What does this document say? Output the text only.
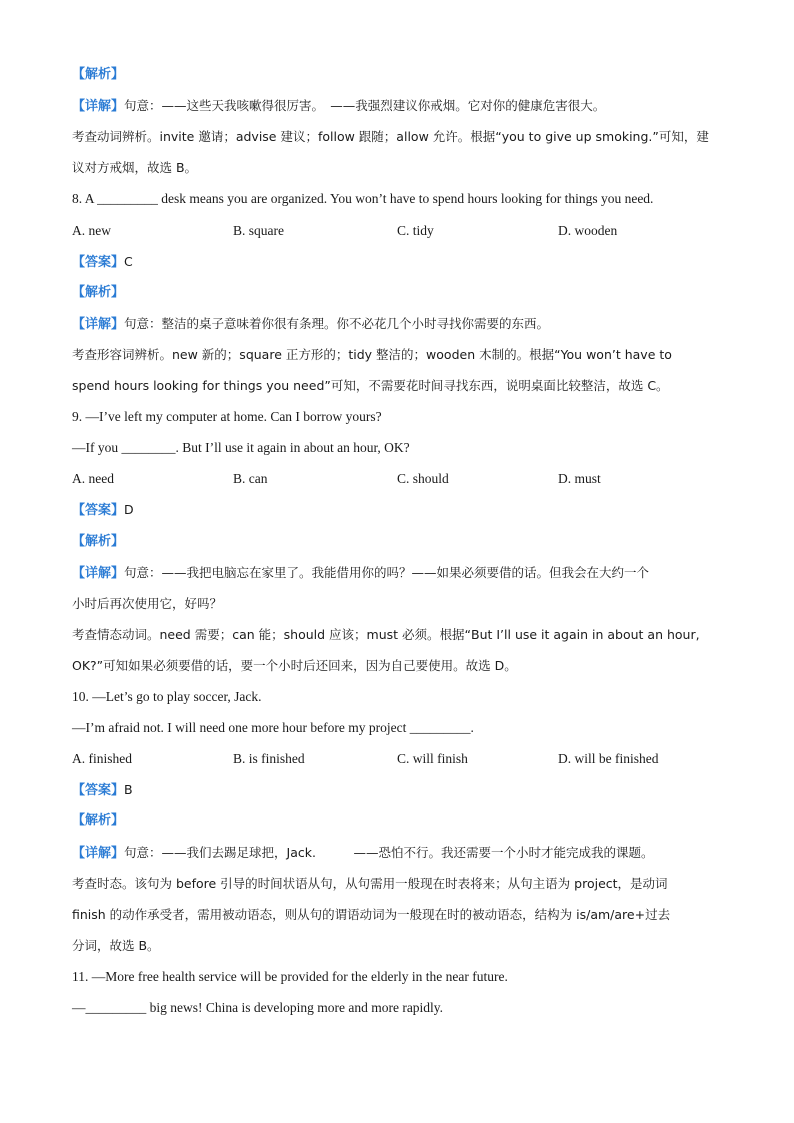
【解析】
【详解】句意：——这些天我咳嗽得很厉害。　——我强烈建议你戒烟。它对你的健康危害很大。
考查动词辨析。invite 邀请；advise 建议；follow 跟随；allow 允许。根据“you to give up smoking.”可知，建
议对方戒烟，故选 B。
8. A _________ desk means you are organized. You won’t have to spend hours looking for things you need.
A. new	B. square	C. tidy	D. wooden
【答案】C
【解析】
【详解】句意：整洁的桌子意味着你很有条理。你不必花几个小时寻找你需要的东西。
考查形容词辨析。new 新的；square 正方形的；tidy 整洁的；wooden 木制的。根据“You won’t have to
spend hours looking for things you need”可知，不需要花时间寻找东西，说明桌面比较整洁，故选 C。
9. —I’ve left my computer at home. Can I borrow yours?
—If you ________. But I’ll use it again in about an hour, OK?
A. need	B. can	C. should	D. must
【答案】D
【解析】
【详解】句意：——我把电脑忘在家里了。我能借用你的吗？——如果必须要借的话。但我会在大约一个
小时后再次使用它，好吗？
考查情态动词。need 需要；can 能；should 应该；must 必须。根据“But I’ll use it again in about an hour,
OK?”可知如果必须要借的话，要一个小时后还回来，因为自己要使用。故选 D。
10. —Let’s go to play soccer, Jack.
—I’m afraid not. I will need one more hour before my project _________.
A. finished	B. is finished	C. will finish	D. will be finished
【答案】B
【解析】
【详解】句意：——我们去踢足球把，Jack.　　　——恐怕不行。我还需要一个小时才能完成我的课题。
考查时态。该句为 before 引导的时间状语从句，从句需用一般现在时表将来；从句主语为 project，是动词
finish 的动作承受者，需用被动语态，则从句的谓语动词为一般现在时的被动语态，结构为 is/am/are+过去
分词，故选 B。
11. —More free health service will be provided for the elderly in the near future.
—_________ big news! China is developing more and more rapidly.
